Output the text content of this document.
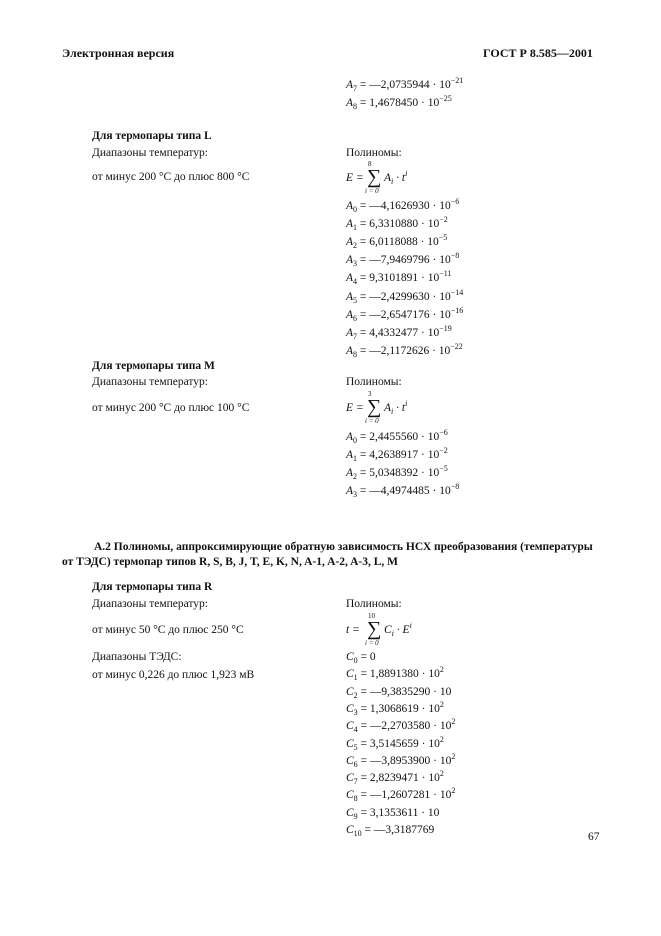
Электронная версия	ГОСТ Р 8.585—2001
$A_7$ = —2,0735944 · $10^{-21}$
$A_8 = 1,4678450 \cdot 10^{-25}$
Для термопары типа L
Диапазоны температур:	Полиномы:
от минус 200 °С до плюс 800 °С	E =
8
∑
i = 0
$A_i \cdot t^i$
$A_0$ = —4,1626930 · $10^{-6}$
$A_1 = 6,3310880 \cdot 10^{-2}$
$A_2 = 6,0118088 \cdot 10^{-5}$
$A_3$ = —7,9469796 · $10^{-8}$
$A_4 = 9,3101891 \cdot 10^{-11}$
$A_5$ = —2,4299630 · $10^{-14}$
$A_6$ = —2,6547176 · $10^{-16}$
$A_7 = 4,4332477 \cdot 10^{-19}$
$A_8$ = —2,1172626 · $10^{-22}$
Для термопары типа M
Диапазоны температур:	Полиномы:
от минус 200 °С до плюс 100 °С	E =
3
∑
i = 0
$A_i \cdot t^i$
$A_0 = 2,4455560 \cdot 10^{-6}$
$A_1 = 4,2638917 \cdot 10^{-2}$
$A_2 = 5,0348392 \cdot 10^{-5}$
$A_3$ = —4,4974485 · $10^{-8}$
А.2 Полиномы, аппроксимирующие обратную зависимость НСХ преобразования (температуры от ТЭДС) термопар типов R, S, B, J, T, E, K, N, A-1, A-2, A-3, L, M
Для термопары типа R
Диапазоны температур:	Полиномы:
от минус 50 °С до плюс 250 °С	t =
10
∑
i = 0
$C_i \cdot E^i$
Диапазоны ТЭДС:
от минус 0,226 до плюс 1,923 мВ
$C_0 = 0$
$C_1 = 1,8891380 \cdot 10^2$
$C_2$ = —9,3835290 · 10
$C_3 = 1,3068619 \cdot 10^2$
$C_4$ = —2,2703580 · $10^2$
$C_5 = 3,5145659 \cdot 10^2$
$C_6$ = —3,8953900 · $10^2$
$C_7 = 2,8239471 \cdot 10^2$
$C_8$ = —1,2607281 · $10^2$
$C_9 = 3,1353611 \cdot 10$
$C_{10}$ = —3,3187769
67
